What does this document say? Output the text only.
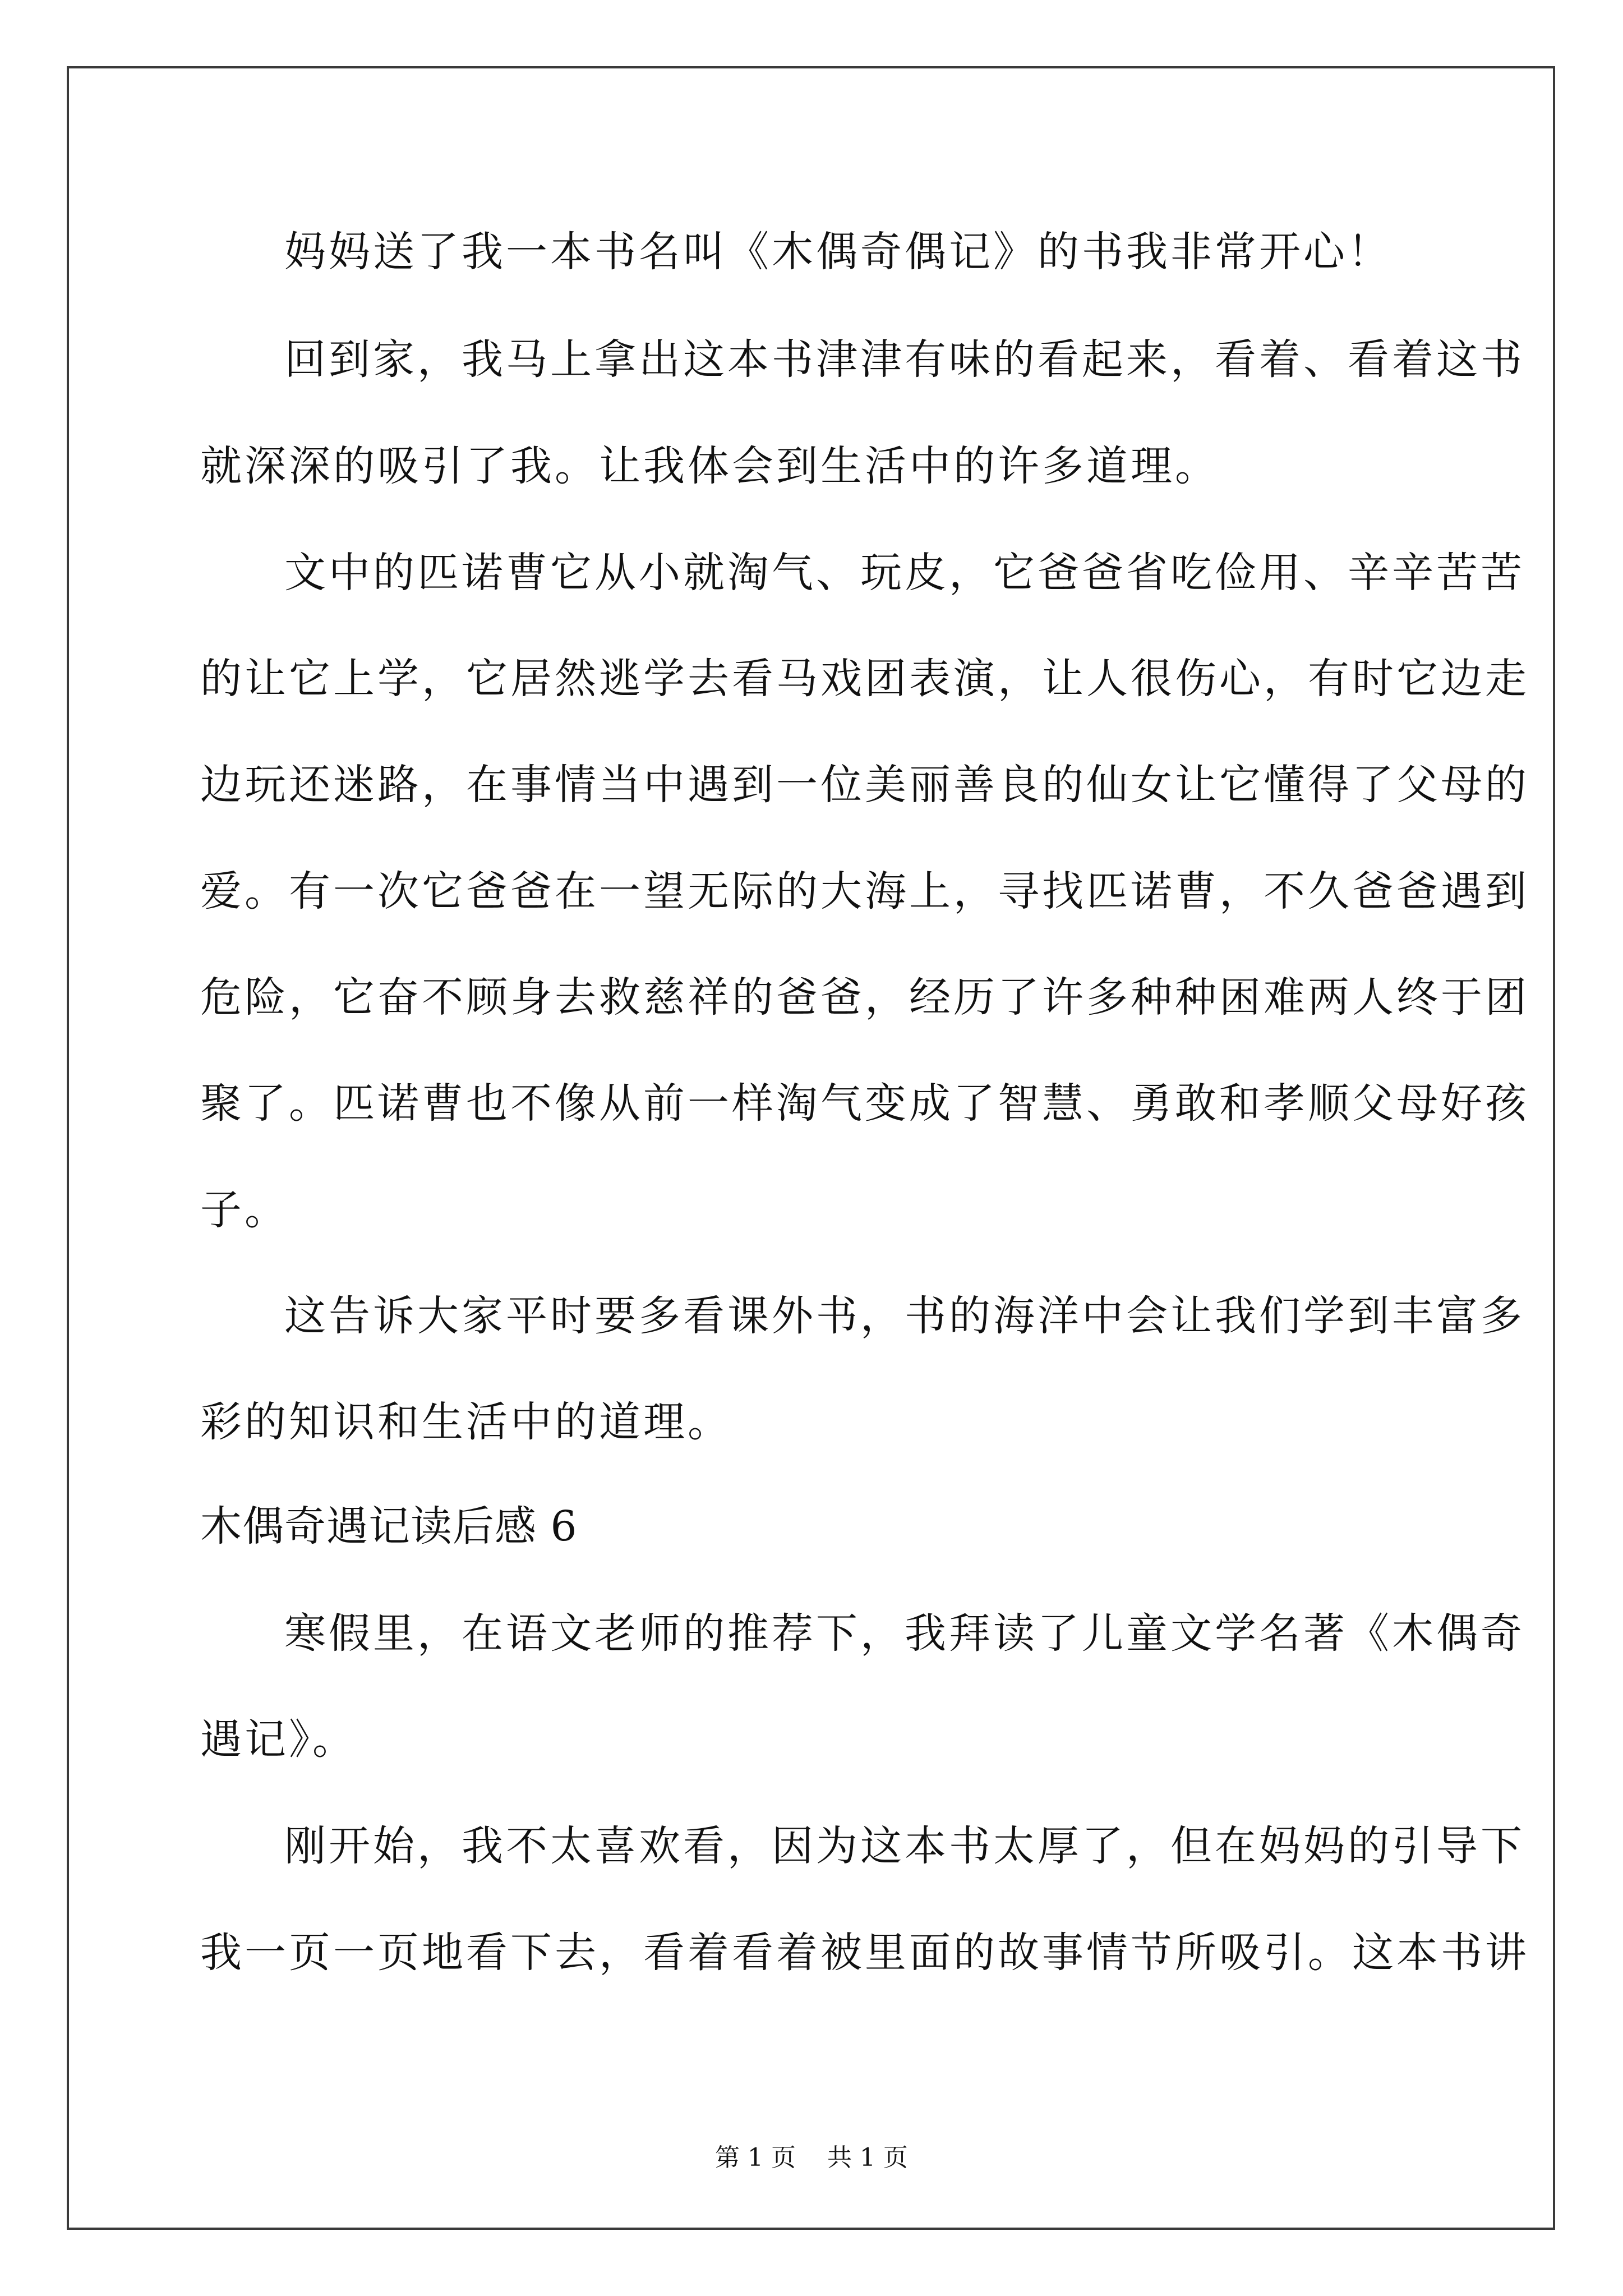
妈妈送了我一本书名叫《木偶奇偶记》的书我非常开心！
回到家，我马上拿出这本书津津有味的看起来，看着、看着这书
就深深的吸引了我。让我体会到生活中的许多道理。
文中的匹诺曹它从小就淘气、玩皮，它爸爸省吃俭用、辛辛苦苦
的让它上学，它居然逃学去看马戏团表演，让人很伤心，有时它边走
边玩还迷路，在事情当中遇到一位美丽善良的仙女让它懂得了父母的
爱。有一次它爸爸在一望无际的大海上，寻找匹诺曹，不久爸爸遇到
危险，它奋不顾身去救慈祥的爸爸，经历了许多种种困难两人终于团
聚了。匹诺曹也不像从前一样淘气变成了智慧、勇敢和孝顺父母好孩
子。
这告诉大家平时要多看课外书，书的海洋中会让我们学到丰富多
彩的知识和生活中的道理。
木偶奇遇记读后感 6
寒假里，在语文老师的推荐下，我拜读了儿童文学名著《木偶奇
遇记》。
刚开始，我不太喜欢看，因为这本书太厚了，但在妈妈的引导下
我一页一页地看下去，看着看着被里面的故事情节所吸引。这本书讲
第 1 页    共 1 页
